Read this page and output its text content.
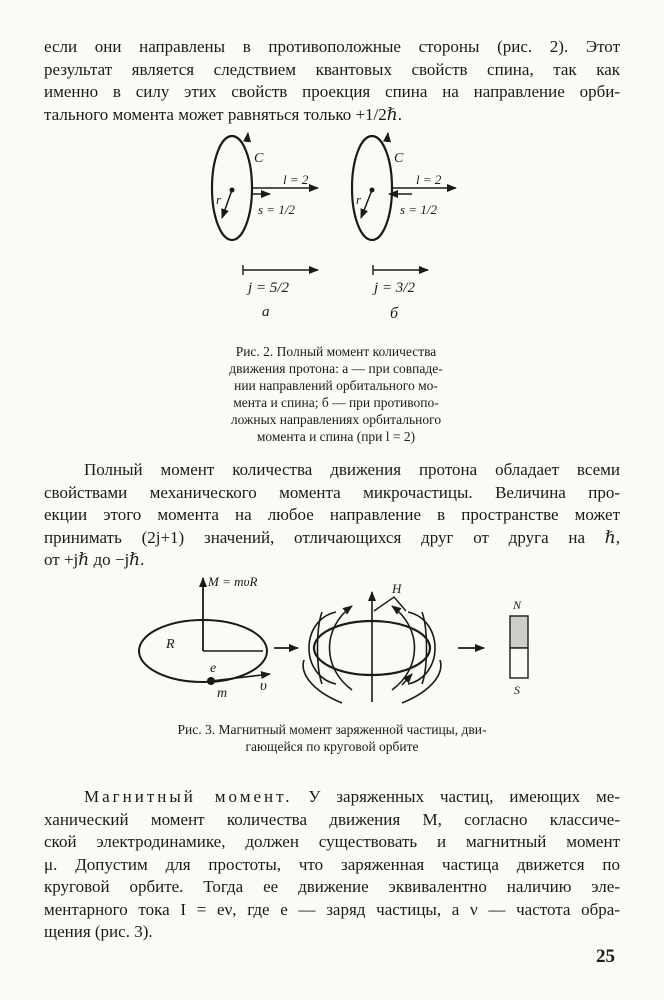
если они направлены в противоположные стороны (рис. 2). Этот
результат является следствием квантовых свойств спина, так как
именно в силу этих свойств проекция спина на направление орби-
тального момента может равняться только +1/2ℏ.
C
r
l = 2
s = 1/2
j = 5/2
а
C
r
l = 2
s = 1/2
j = 3/2
б
Рис. 2. Полный момент количества
движения протона: а — при совпаде-
нии направлений орбитального мо-
мента и спина; б — при противопо-
ложных направлениях орбитального
момента и спина (при l = 2)
Полный момент количества движения протона обладает всеми
свойствами механического момента микрочастицы. Величина про-
екции этого момента на любое направление в пространстве может
принимать (2j+1) значений, отличающихся друг от друга на ℏ,
от +jℏ до −jℏ.
M = mυR
R
e
m υ
H
N
S
Рис. 3. Магнитный момент заряженной частицы, дви-
гающейся по круговой орбите
Магнитный момент. У заряженных частиц, имеющих ме-
ханический момент количества движения M, согласно классиче-
ской электродинамике, должен существовать и магнитный момент
μ. Допустим для простоты, что заряженная частица движется по
круговой орбите. Тогда ее движение эквивалентно наличию эле-
ментарного тока I = eν, где e — заряд частицы, а ν — частота обра-
щения (рис. 3).
25
